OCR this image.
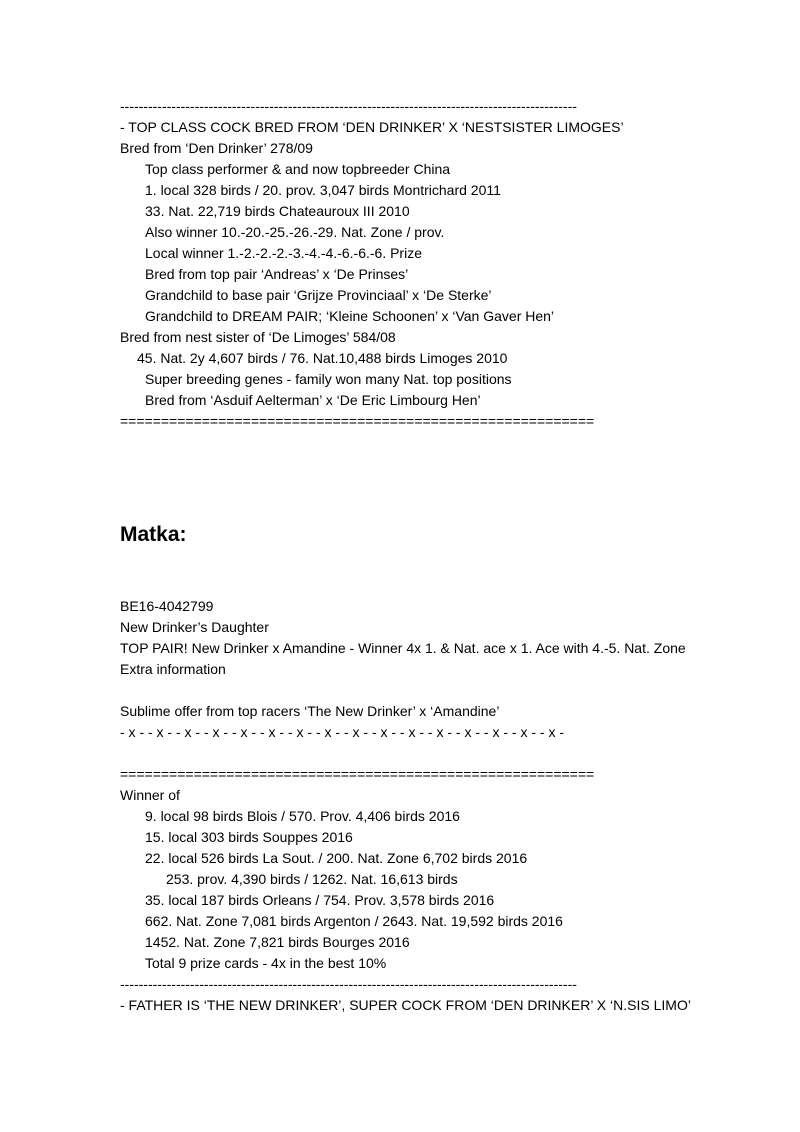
--------------------------------------------------------------------------------------------------
- TOP CLASS COCK BRED FROM ‘DEN DRINKER’ X ‘NESTSISTER LIMOGES’
Bred from ‘Den Drinker’ 278/09
Top class performer & and now topbreeder China
1. local 328 birds / 20. prov. 3,047 birds Montrichard 2011
33. Nat. 22,719 birds Chateauroux III 2010
Also winner 10.-20.-25.-26.-29. Nat. Zone / prov.
Local winner 1.-2.-2.-2.-3.-4.-4.-6.-6.-6. Prize
Bred from top pair ‘Andreas’ x ‘De Prinses’
Grandchild to base pair ‘Grijze Provinciaal’ x ‘De Sterke’
Grandchild to DREAM PAIR; ‘Kleine Schoonen’ x ‘Van Gaver Hen’
Bred from nest sister of ‘De Limoges’ 584/08
45. Nat. 2y 4,607 birds / 76. Nat.10,488 birds Limoges 2010
Super breeding genes - family won many Nat. top positions
Bred from ‘Asduif Aelterman’ x ‘De Eric Limbourg Hen’
==========================================================
Matka:
BE16-4042799
New Drinker’s Daughter
TOP PAIR! New Drinker x Amandine - Winner 4x 1. & Nat. ace x 1. Ace with 4.-5. Nat. Zone
Extra information
Sublime offer from top racers ‘The New Drinker’ x ‘Amandine’
- x - - x - - x - - x - - x - - x - - x - - x - - x - - x - - x - - x - - x - - x - - x - - x -
==========================================================
Winner of
9. local 98 birds Blois / 570. Prov. 4,406 birds 2016
15. local 303 birds Souppes 2016
22. local 526 birds La Sout. / 200. Nat. Zone 6,702 birds 2016
253. prov. 4,390 birds / 1262. Nat. 16,613 birds
35. local 187 birds Orleans / 754. Prov. 3,578 birds 2016
662. Nat. Zone 7,081 birds Argenton / 2643. Nat. 19,592 birds 2016
1452. Nat. Zone 7,821 birds Bourges 2016
Total 9 prize cards - 4x in the best 10%
--------------------------------------------------------------------------------------------------
- FATHER IS ‘THE NEW DRINKER’, SUPER COCK FROM ‘DEN DRINKER’ X ‘N.SIS LIMO’
